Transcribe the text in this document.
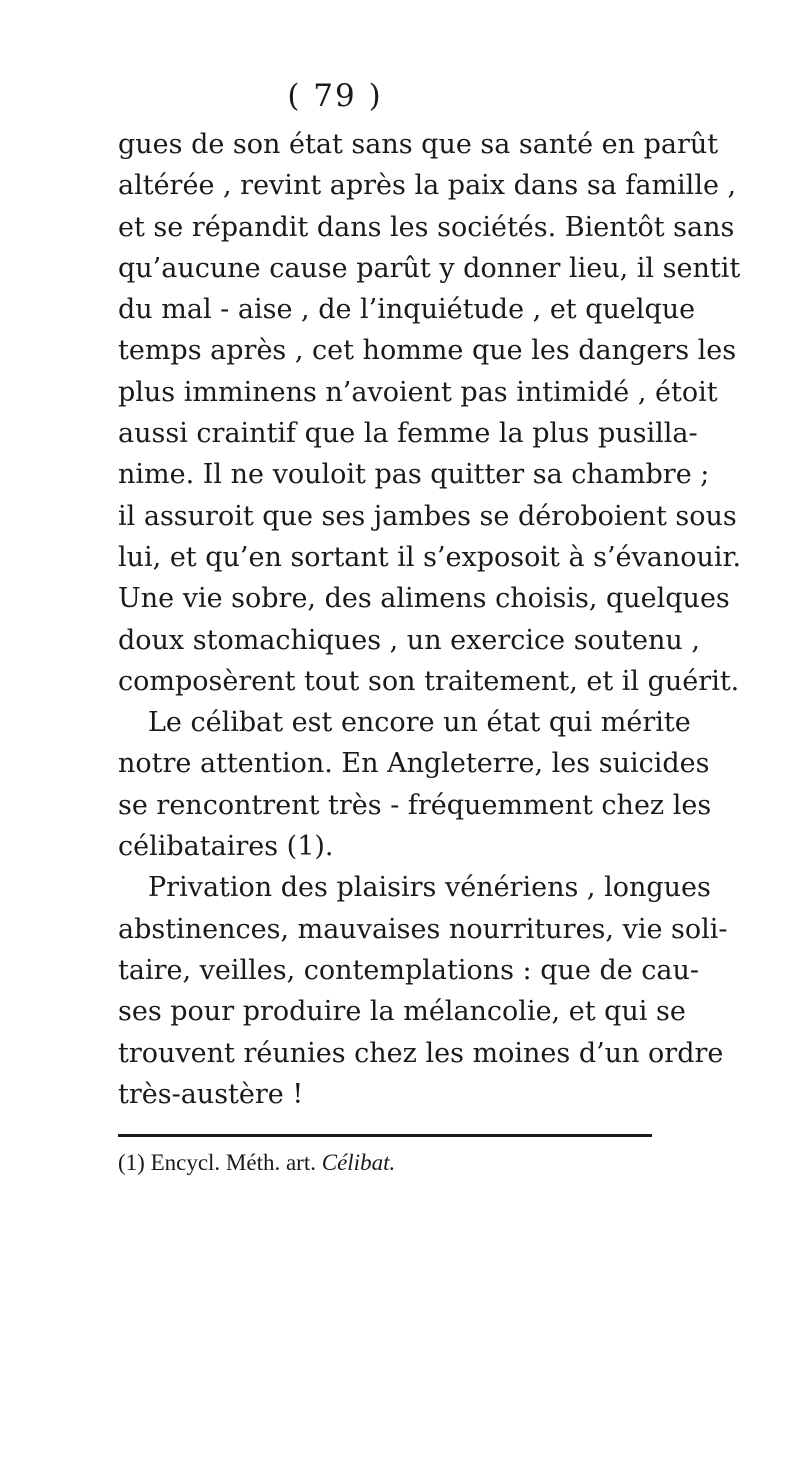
( 79 )
gues de son état sans que sa santé en parût
altérée , revint après la paix dans sa famille ,
et se répandit dans les sociétés. Bientôt sans
qu’aucune cause parût y donner lieu, il sentit
du mal - aise , de l’inquiétude , et quelque
temps après , cet homme que les dangers les
plus imminens n’avoient pas intimidé , étoit
aussi craintif que la femme la plus pusilla-
nime. Il ne vouloit pas quitter sa chambre ;
il assuroit que ses jambes se déroboient sous
lui, et qu’en sortant il s’exposoit à s’évanouir.
Une vie sobre, des alimens choisis, quelques
doux stomachiques , un exercice soutenu ,
composèrent tout son traitement, et il guérit.
Le célibat est encore un état qui mérite
notre attention. En Angleterre, les suicides
se rencontrent très - fréquemment chez les
célibataires (1).
Privation des plaisirs vénériens , longues
abstinences, mauvaises nourritures, vie soli-
taire, veilles, contemplations : que de cau-
ses pour produire la mélancolie, et qui se
trouvent réunies chez les moines d’un ordre
très-austère !
(1) Encycl. Méth. art. Célibat.
